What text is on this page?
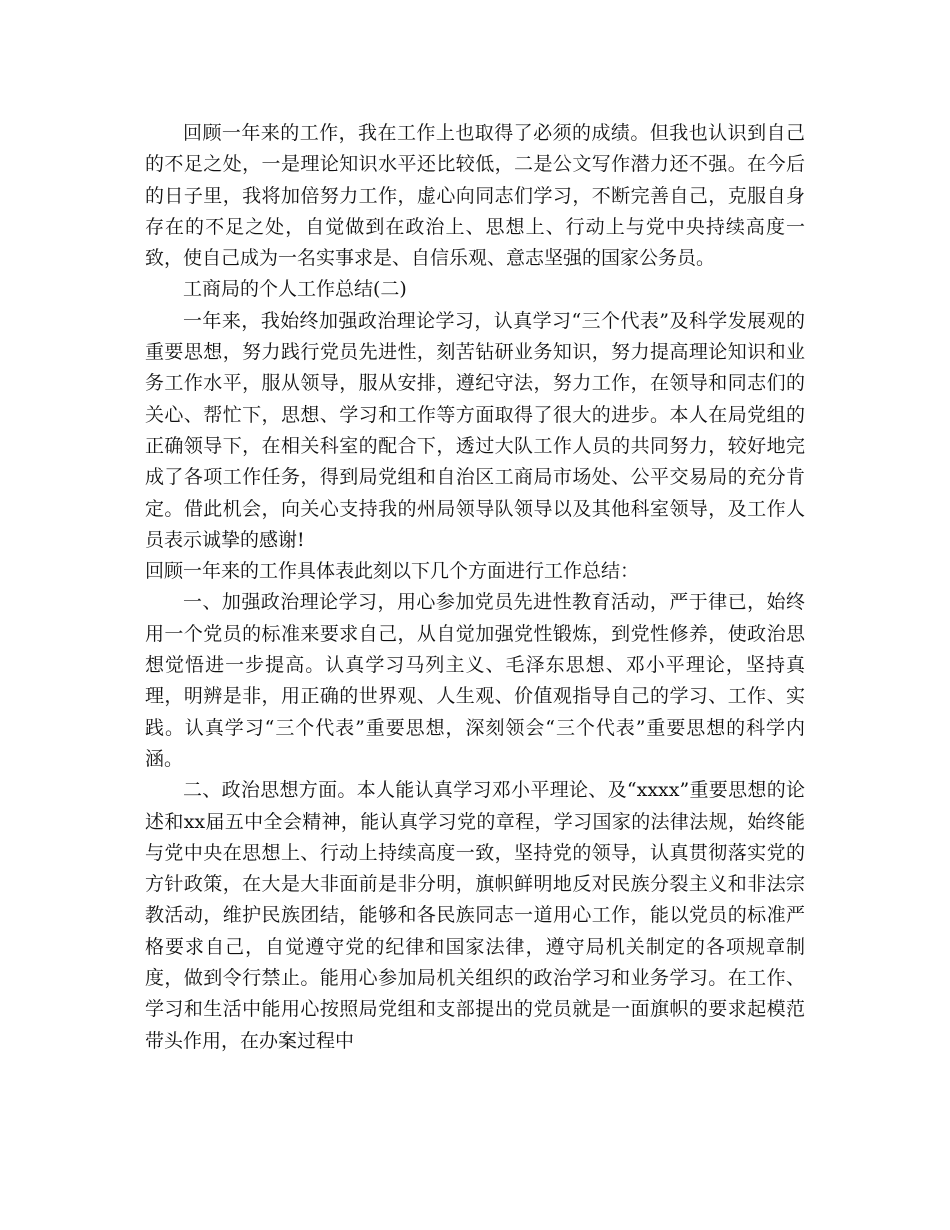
回顾一年来的工作，我在工作上也取得了必须的成绩。但我也认识到自己的不足之处，一是理论知识水平还比较低，二是公文写作潜力还不强。在今后的日子里，我将加倍努力工作，虚心向同志们学习，不断完善自己，克服自身存在的不足之处，自觉做到在政治上、思想上、行动上与党中央持续高度一致，使自己成为一名实事求是、自信乐观、意志坚强的国家公务员。

工商局的个人工作总结(二)

一年来，我始终加强政治理论学习，认真学习“三个代表”及科学发展观的重要思想，努力践行党员先进性，刻苦钻研业务知识，努力提高理论知识和业务工作水平，服从领导，服从安排，遵纪守法，努力工作，在领导和同志们的关心、帮忙下，思想、学习和工作等方面取得了很大的进步。本人在局党组的正确领导下，在相关科室的配合下，透过大队工作人员的共同努力，较好地完成了各项工作任务，得到局党组和自治区工商局市场处、公平交易局的充分肯定。借此机会，向关心支持我的州局领导队领导以及其他科室领导，及工作人员表示诚挚的感谢!

回顾一年来的工作具体表此刻以下几个方面进行工作总结：

一、加强政治理论学习，用心参加党员先进性教育活动，严于律已，始终用一个党员的标准来要求自己，从自觉加强党性锻炼，到党性修养，使政治思想觉悟进一步提高。认真学习马列主义、毛泽东思想、邓小平理论，坚持真理，明辨是非，用正确的世界观、人生观、价值观指导自己的学习、工作、实践。认真学习“三个代表”重要思想，深刻领会“三个代表”重要思想的科学内涵。

二、政治思想方面。本人能认真学习邓小平理论、及“xxxx”重要思想的论述和xx届五中全会精神，能认真学习党的章程，学习国家的法律法规，始终能与党中央在思想上、行动上持续高度一致，坚持党的领导，认真贯彻落实党的方针政策，在大是大非面前是非分明，旗帜鲜明地反对民族分裂主义和非法宗教活动，维护民族团结，能够和各民族同志一道用心工作，能以党员的标准严格要求自己，自觉遵守党的纪律和国家法律，遵守局机关制定的各项规章制度，做到令行禁止。能用心参加局机关组织的政治学习和业务学习。在工作、学习和生活中能用心按照局党组和支部提出的党员就是一面旗帜的要求起模范带头作用，在办案过程中
